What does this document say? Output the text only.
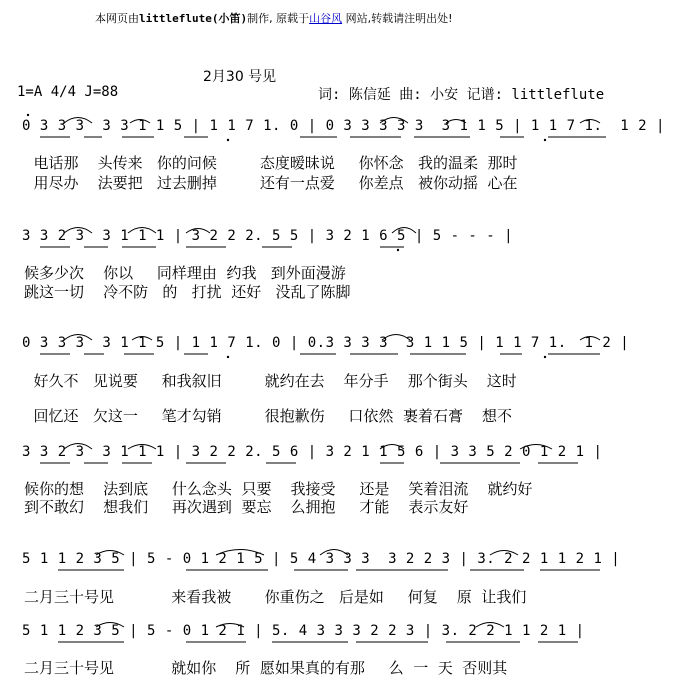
本网页由littleflute(小笛)制作, 原载于山谷风 网站,转载请注明出处!
2月30 号见
1=A 4/4 J=88	词: 陈信延 曲: 小安 记谱: littleflute
0 3 3 3  3 3 1 1 5 | 1 1 7 1. 0 | 0 3 3 3 3 3  3 1 1 5 | 1 1 7 1.  1 2 |
电话那    头传来   你的问候         态度暧昧说     你怀念   我的温柔  那时
用尽办    法要把   过去删掉         还有一点爱     你差点   被你动摇  心在
3 3 2 3  3 1 1 1 | 3 2 2 2. 5 5 | 3 2 1 6 5 | 5 - - - |
候多少次    你以     同样理由  约我   到外面漫游
跳这一切    冷不防   的   打扰  还好   没乱了陈脚
0 3 3 3  3 1 1 5 | 1 1 7 1. 0 | 0.3 3 3 3  3 1 1 5 | 1 1 7 1.  1 2 |
好久不   见说要     和我叙旧         就约在去    年分手    那个街头    这时
回忆还   欠这一     笔才勾销         很抱歉伤     口依然  裹着石膏    想不
3 3 2 3  3 1 1 1 | 3 2 2 2. 5 6 | 3 2 1 1 5 6 | 3 3 5 2 0 1 2 1 |
候你的想    法到底     什么念头  只要    我接受     还是    笑着泪流    就约好
到不敢幻    想我们     再次遇到  要忘    么拥抱     才能    表示友好
5 1 1 2 3 5 | 5 - 0 1 2 1 5 | 5 4 3 3 3  3 2 2 3 | 3. 2 2 1 1 2 1 |
二月三十号见            来看我被       你重伤之   后是如     何复    原  让我们
5 1 1 2 3 5 | 5 - 0 1 2 1 | 5. 4 3 3 3 2 2 3 | 3. 2 2 1 1 2 1 |
二月三十号见            就如你    所  愿如果真的有那     么  一  天  否则其
